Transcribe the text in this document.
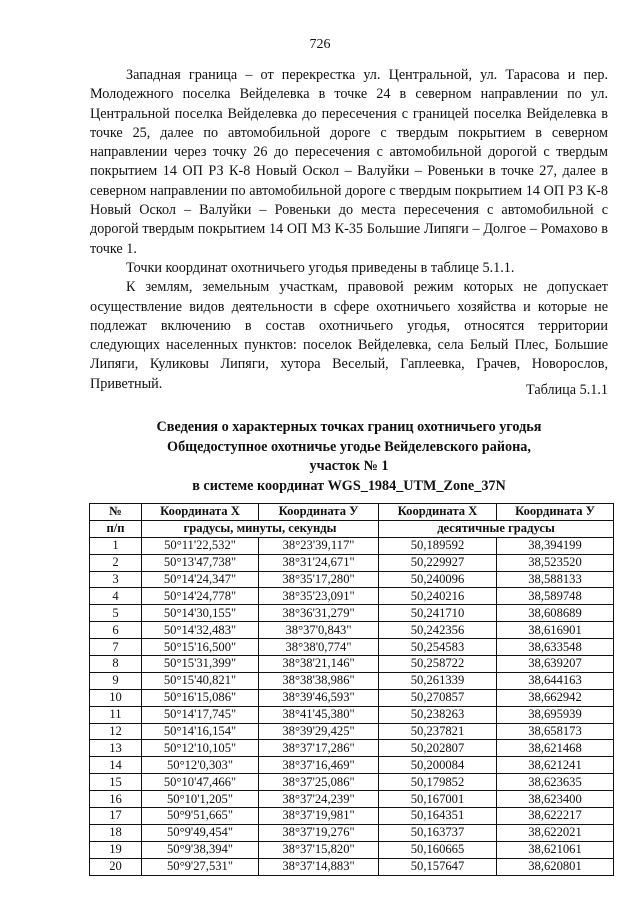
726

Западная граница – от перекрестка ул. Центральной, ул. Тарасова и пер. Молодежного поселка Вейделевка в точке 24 в северном направлении по ул. Центральной поселка Вейделевка до пересечения с границей поселка Вейделевка в точке 25, далее по автомобильной дороге с твердым покрытием в северном направлении через точку 26 до пересечения с автомобильной дорогой с твердым покрытием 14 ОП РЗ К-8 Новый Оскол – Валуйки – Ровеньки в точке 27, далее в северном направлении по автомобильной дороге с твердым покрытием 14 ОП РЗ К-8 Новый Оскол – Валуйки – Ровеньки до места пересечения с автомобильной с дорогой твердым покрытием 14 ОП МЗ К-35 Большие Липяги – Долгое – Ромахово в точке 1.

Точки координат охотничьего угодья приведены в таблице 5.1.1.

К землям, земельным участкам, правовой режим которых не допускает осуществление видов деятельности в сфере охотничьего хозяйства и которые не подлежат включению в состав охотничьего угодья, относятся территории следующих населенных пунктов: поселок Вейделевка, села Белый Плес, Большие Липяги, Куликовы Липяги, хутора Веселый, Гаплеевка, Грачев, Новорослов, Приветный.	Таблица 5.1.1
Сведения о характерных точках границ охотничьего угодья
Общедоступное охотничье угодье Вейделевского района,
участок № 1
в системе координат WGS_1984_UTM_Zone_37N
№	Координата Х	Координата У	Координата Х	Координата У
п/п	градусы, минуты, секунды		десятичные градусы	
1	50°11'22,532"	38°23'39,117"	50,189592	38,394199
2	50°13'47,738"	38°31'24,671"	50,229927	38,523520
3	50°14'24,347"	38°35'17,280"	50,240096	38,588133
4	50°14'24,778"	38°35'23,091"	50,240216	38,589748
5	50°14'30,155"	38°36'31,279"	50,241710	38,608689
6	50°14'32,483"	38°37'0,843"	50,242356	38,616901
7	50°15'16,500"	38°38'0,774"	50,254583	38,633548
8	50°15'31,399"	38°38'21,146"	50,258722	38,639207
9	50°15'40,821"	38°38'38,986"	50,261339	38,644163
10	50°16'15,086"	38°39'46,593"	50,270857	38,662942
11	50°14'17,745"	38°41'45,380"	50,238263	38,695939
12	50°14'16,154"	38°39'29,425"	50,237821	38,658173
13	50°12'10,105"	38°37'17,286"	50,202807	38,621468
14	50°12'0,303"	38°37'16,469"	50,200084	38,621241
15	50°10'47,466"	38°37'25,086"	50,179852	38,623635
16	50°10'1,205"	38°37'24,239"	50,167001	38,623400
17	50°9'51,665"	38°37'19,981"	50,164351	38,622217
18	50°9'49,454"	38°37'19,276"	50,163737	38,622021
19	50°9'38,394"	38°37'15,820"	50,160665	38,621061
20	50°9'27,531"	38°37'14,883"	50,157647	38,620801
